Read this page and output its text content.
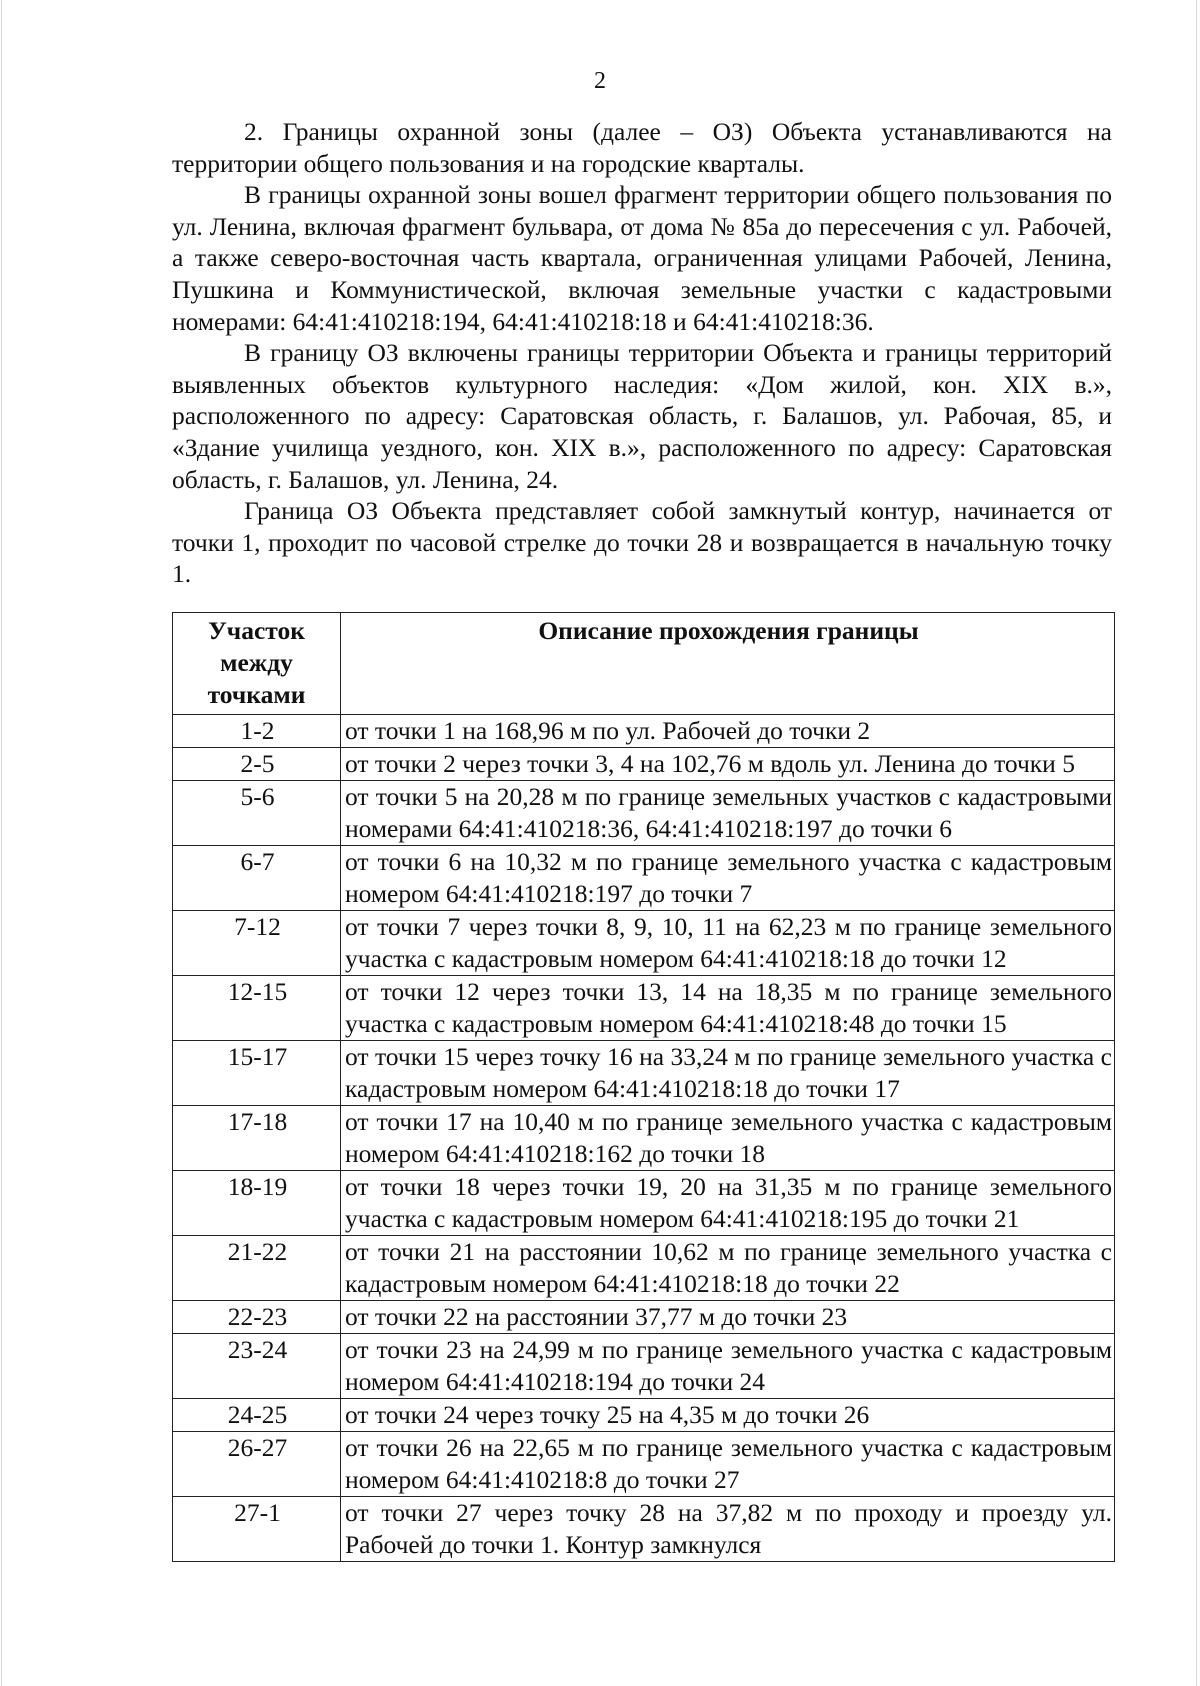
2

2. Границы охранной зоны (далее – ОЗ) Объекта устанавливаются на территории общего пользования и на городские кварталы.

В границы охранной зоны вошел фрагмент территории общего пользования по ул. Ленина, включая фрагмент бульвара, от дома № 85а до пересечения с ул. Рабочей, а также северо-восточная часть квартала, ограниченная улицами Рабочей, Ленина, Пушкина и Коммунистической, включая земельные участки с кадастровыми номерами: 64:41:410218:194, 64:41:410218:18 и 64:41:410218:36.

В границу ОЗ включены границы территории Объекта и границы территорий выявленных объектов культурного наследия: «Дом жилой, кон. XIX в.», расположенного по адресу: Саратовская область, г. Балашов, ул. Рабочая, 85, и «Здание училища уездного, кон. XIX в.», расположенного по адресу: Саратовская область, г. Балашов, ул. Ленина, 24.

Граница ОЗ Объекта представляет собой замкнутый контур, начинается от точки 1, проходит по часовой стрелке до точки 28 и возвращается в начальную точку 1.

Участок между точками	Описание прохождения границы
1-2	от точки 1 на 168,96 м по ул. Рабочей до точки 2
2-5	от точки 2 через точки 3, 4 на 102,76 м вдоль ул. Ленина до точки 5
5-6	от точки 5 на 20,28 м по границе земельных участков с кадастровыми номерами 64:41:410218:36, 64:41:410218:197 до точки 6
6-7	от точки 6 на 10,32 м по границе земельного участка с кадастровым номером 64:41:410218:197 до точки 7
7-12	от точки 7 через точки 8, 9, 10, 11 на 62,23 м по границе земельного участка с кадастровым номером 64:41:410218:18 до точки 12
12-15	от точки 12 через точки 13, 14 на 18,35 м по границе земельного участка с кадастровым номером 64:41:410218:48 до точки 15
15-17	от точки 15 через точку 16 на 33,24 м по границе земельного участка с кадастровым номером 64:41:410218:18 до точки 17
17-18	от точки 17 на 10,40 м по границе земельного участка с кадастровым номером 64:41:410218:162 до точки 18
18-19	от точки 18 через точки 19, 20 на 31,35 м по границе земельного участка с кадастровым номером 64:41:410218:195 до точки 21
21-22	от точки 21 на расстоянии 10,62 м по границе земельного участка с кадастровым номером 64:41:410218:18 до точки 22
22-23	от точки 22 на расстоянии 37,77 м до точки 23
23-24	от точки 23 на 24,99 м по границе земельного участка с кадастровым номером 64:41:410218:194 до точки 24
24-25	от точки 24 через точку 25 на 4,35 м до точки 26
26-27	от точки 26 на 22,65 м по границе земельного участка с кадастровым номером 64:41:410218:8 до точки 27
27-1	от точки 27 через точку 28 на 37,82 м по проходу и проезду ул. Рабочей до точки 1. Контур замкнулся
